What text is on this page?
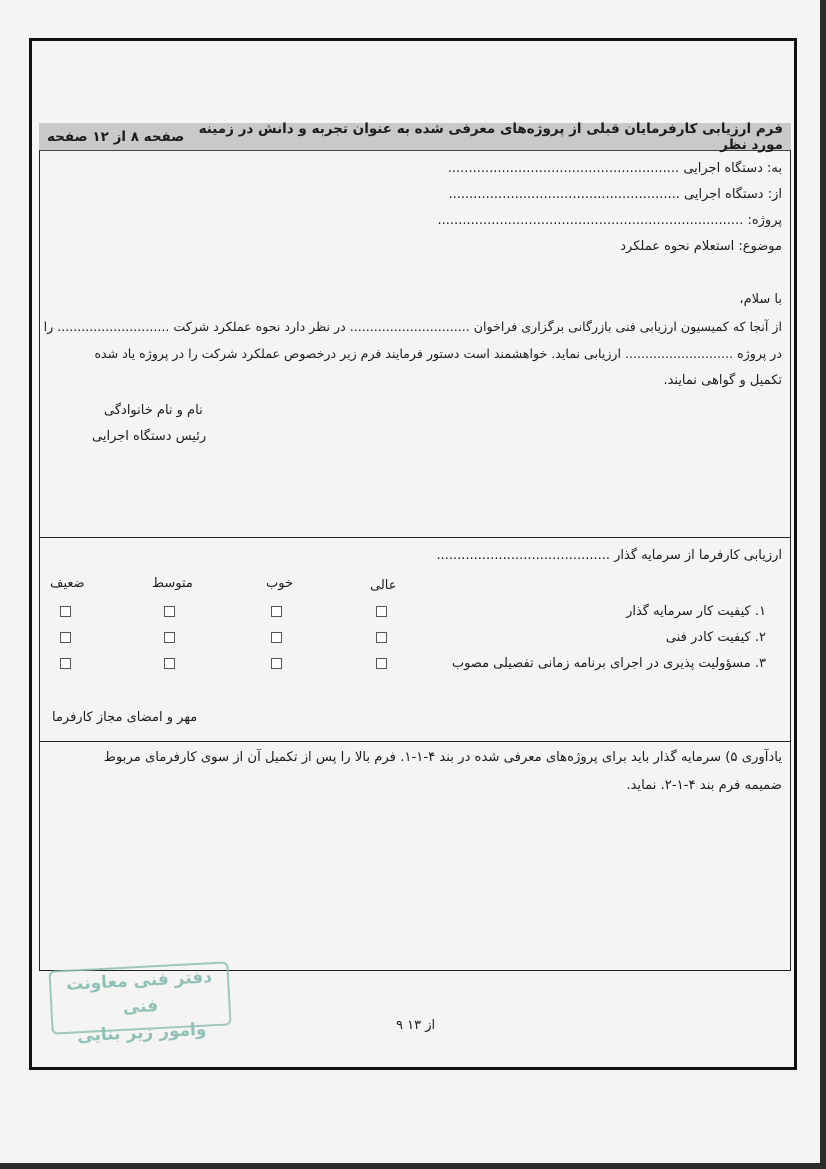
فرم ارزیابی کارفرمایان قبلی از پروژه‌های معرفی شده به عنوان تجربه و دانش در زمینه مورد نظر
صفحه ۸ از ۱۲ صفحه
به: دستگاه اجرایی ........................................................
از: دستگاه اجرایی ........................................................
پروژه: ..........................................................................
موضوع: استعلام نحوه عملکرد
با سلام،
از آنجا که کمیسیون ارزیابی فنی بازرگانی برگزاری فراخوان .............................. در نظر دارد نحوه عملکرد شرکت ............................ را
در پروژه ........................... ارزیابی نماید. خواهشمند است دستور فرمایند فرم زیر درخصوص عملکرد شرکت را در پروژه یاد شده
تکمیل و گواهی نمایند.
نام و نام خانوادگی
رئیس دستگاه اجرایی
ارزیابی کارفرما از سرمایه گذار ..........................................
عالی
خوب
متوسط
ضعیف
۱. کیفیت کار سرمایه گذار
۲. کیفیت کادر فنی
۳. مسؤولیت پذیری در اجرای برنامه زمانی تفصیلی مصوب
مهر و امضای مجاز کارفرما
یادآوری ۵) سرمایه گذار باید برای پروژه‌های معرفی شده در بند ۴-۱-۱. فرم بالا را پس از تکمیل آن از سوی کارفرمای مربوط
ضمیمه فرم بند ۴-۱-۲. نماید.
۹ از ۱۳
دفتر فنی معاونت فنی
وامور زیر بنایی
